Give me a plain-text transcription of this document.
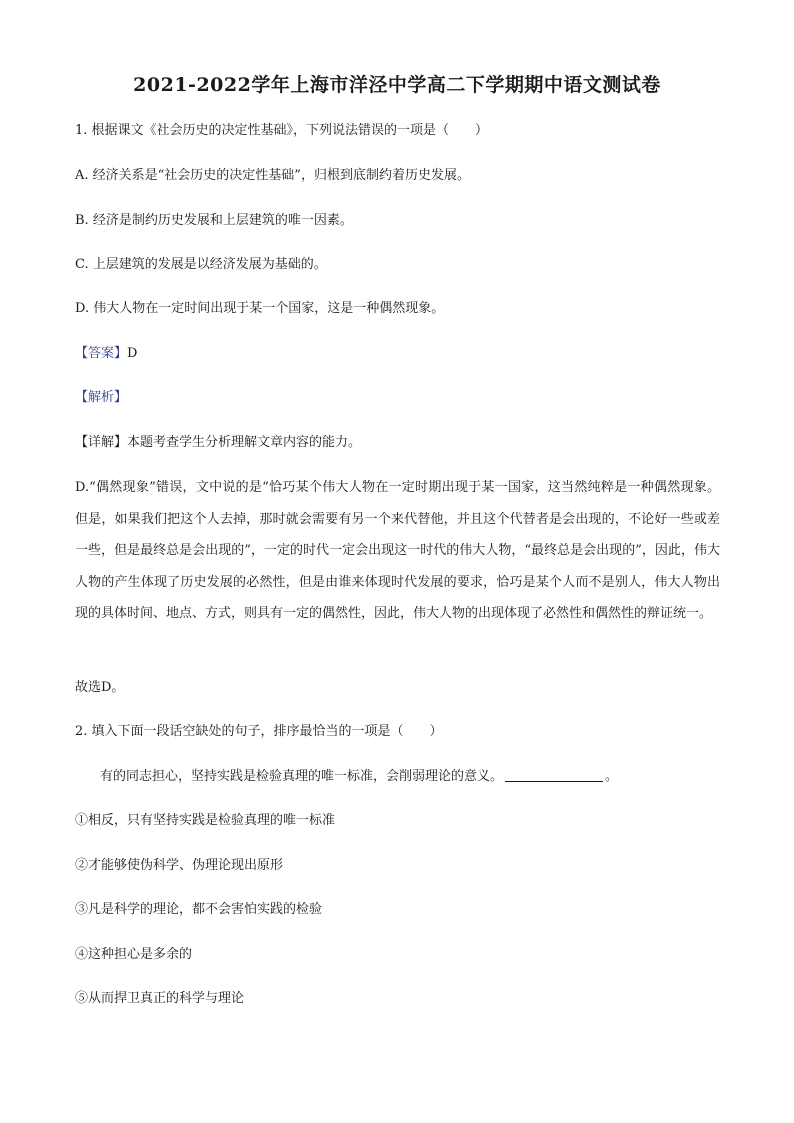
2021-2022学年上海市洋泾中学高二下学期期中语文测试卷
1. 根据课文《社会历史的决定性基础》，下列说法错误的一项是（　　）
A. 经济关系是“社会历史的决定性基础”，归根到底制约着历史发展。
B. 经济是制约历史发展和上层建筑的唯一因素。
C. 上层建筑的发展是以经济发展为基础的。
D. 伟大人物在一定时间出现于某一个国家，这是一种偶然现象。
【答案】D
【解析】
【详解】本题考查学生分析理解文章内容的能力。
D.“偶然现象”错误，文中说的是“恰巧某个伟大人物在一定时期出现于某一国家，这当然纯粹是一种偶然现象。但是，如果我们把这个人去掉，那时就会需要有另一个来代替他，并且这个代替者是会出现的，不论好一些或差一些，但是最终总是会出现的”，一定的时代一定会出现这一时代的伟大人物，“最终总是会出现的”，因此，伟大人物的产生体现了历史发展的必然性，但是由谁来体现时代发展的要求，恰巧是某个人而不是别人，伟大人物出现的具体时间、地点、方式，则具有一定的偶然性，因此，伟大人物的出现体现了必然性和偶然性的辩证统一。
故选D。
2. 填入下面一段话空缺处的句子，排序最恰当的一项是（　　）
有的同志担心，坚持实践是检验真理的唯一标准，会削弱理论的意义。	。
①相反，只有坚持实践是检验真理的唯一标准
②才能够使伪科学、伪理论现出原形
③凡是科学的理论，都不会害怕实践的检验
④这种担心是多余的
⑤从而捍卫真正的科学与理论
